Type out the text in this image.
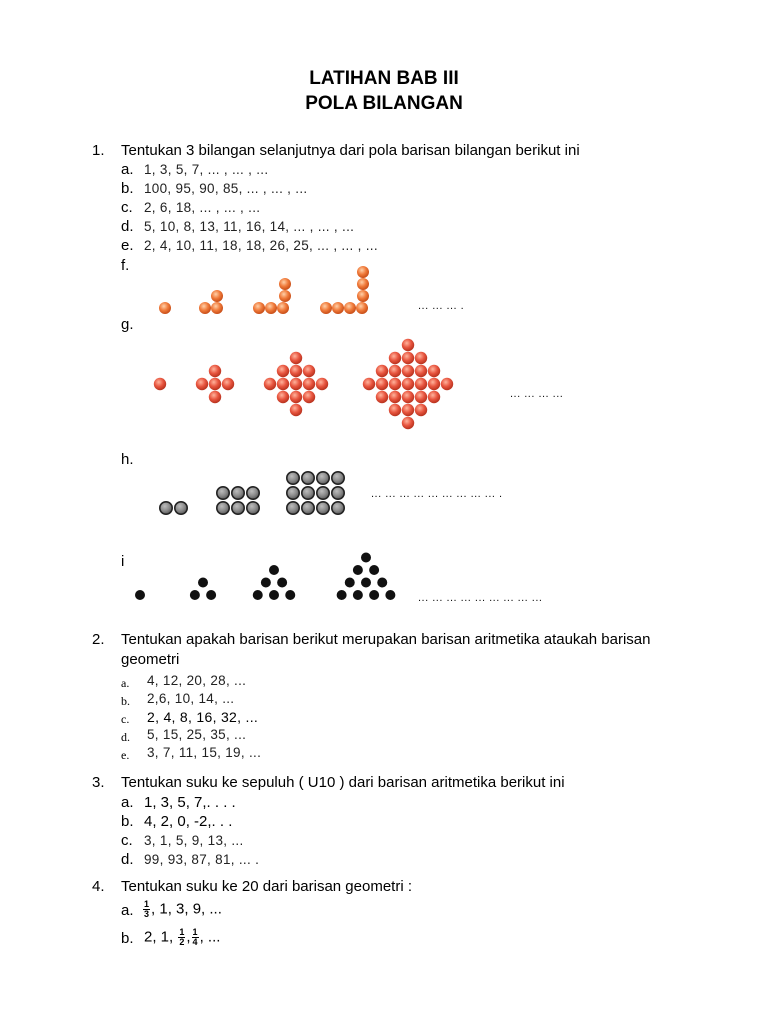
LATIHAN BAB III
POLA BILANGAN
1. Tentukan 3 bilangan selanjutnya dari pola barisan bilangan berikut ini
a. 1, 3, 5, 7, ... , ... , ...
b. 100, 95, 90, 85, ... , ... , ...
c. 2, 6, 18, ... , ... , ...
d. 5, 10, 8, 13, 11, 16, 14, ... , ... , ...
e. 2, 4, 10, 11, 18, 18, 26, 25, ... , ... , ...
f.
... ... ... .
g.
... ... ... ...
h.
... ... ... ... ... ... ... ... ... .
i
... ... ... ... ... ... ... ... ...
2. Tentukan apakah barisan berikut merupakan barisan aritmetika ataukah barisan
geometri
a. 4, 12, 20, 28, ...
b. 2,6, 10, 14, ...
c. 2, 4, 8, 16, 32, ...
d. 5, 15, 25, 35, ...
e. 3, 7, 11, 15, 19, ...
3. Tentukan suku ke sepuluh ( U10 ) dari barisan aritmetika berikut ini
a. 1, 3, 5, 7,. . . .
b. 4, 2, 0, -2,. . .
c. 3, 1, 5, 9, 13, ...
d. 99, 93, 87, 81, ... .
4. Tentukan suku ke 20 dari barisan geometri :
a. $\frac{1}{3}$ , 1, 3, 9, ...
b. 2, 1, $\frac{1}{2}$ , $\frac{1}{4}$ , ...
